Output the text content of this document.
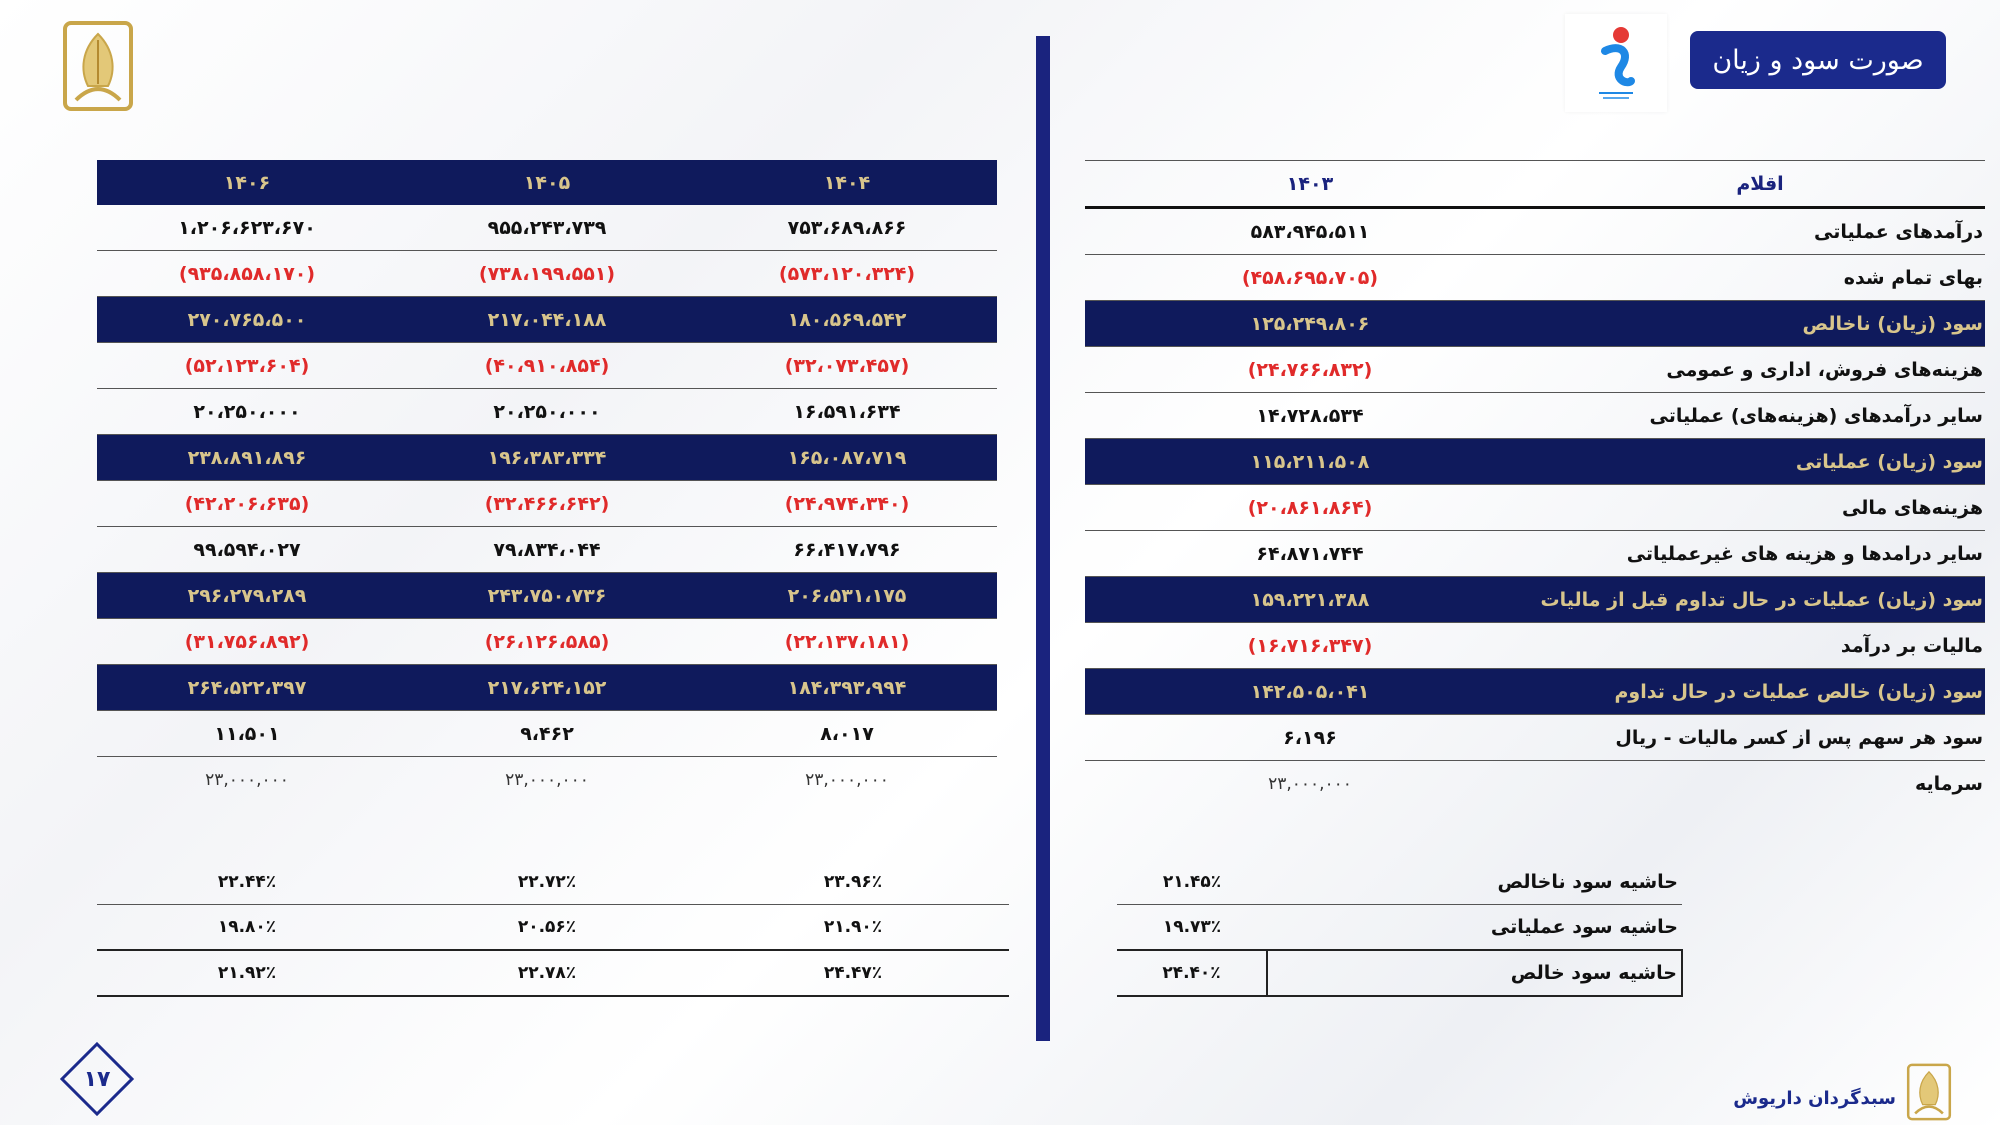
صورت سود و زیان
۱۴۰۶	۱۴۰۵	۱۴۰۴
۱،۲۰۶،۶۲۳،۶۷۰	۹۵۵،۲۴۳،۷۳۹	۷۵۳،۶۸۹،۸۶۶
(۹۳۵،۸۵۸،۱۷۰)	(۷۳۸،۱۹۹،۵۵۱)	(۵۷۳،۱۲۰،۳۲۴)
۲۷۰،۷۶۵،۵۰۰	۲۱۷،۰۴۴،۱۸۸	۱۸۰،۵۶۹،۵۴۲
(۵۲،۱۲۳،۶۰۴)	(۴۰،۹۱۰،۸۵۴)	(۳۲،۰۷۳،۴۵۷)
۲۰،۲۵۰،۰۰۰	۲۰،۲۵۰،۰۰۰	۱۶،۵۹۱،۶۳۴
۲۳۸،۸۹۱،۸۹۶	۱۹۶،۳۸۳،۳۳۴	۱۶۵،۰۸۷،۷۱۹
(۴۲،۲۰۶،۶۳۵)	(۳۲،۴۶۶،۶۴۲)	(۲۴،۹۷۴،۳۴۰)
۹۹،۵۹۴،۰۲۷	۷۹،۸۳۴،۰۴۴	۶۶،۴۱۷،۷۹۶
۲۹۶،۲۷۹،۲۸۹	۲۴۳،۷۵۰،۷۳۶	۲۰۶،۵۳۱،۱۷۵
(۳۱،۷۵۶،۸۹۲)	(۲۶،۱۲۶،۵۸۵)	(۲۲،۱۳۷،۱۸۱)
۲۶۴،۵۲۲،۳۹۷	۲۱۷،۶۲۴،۱۵۲	۱۸۴،۳۹۳،۹۹۴
۱۱،۵۰۱	۹،۴۶۲	۸،۰۱۷
۲۳,۰۰۰,۰۰۰	۲۳,۰۰۰,۰۰۰	۲۳,۰۰۰,۰۰۰
۱۴۰۳	اقلام
۵۸۳،۹۴۵،۵۱۱	درآمدهای عملیاتی
(۴۵۸،۶۹۵،۷۰۵)	بهای تمام شده
۱۲۵،۲۴۹،۸۰۶	سود (زیان) ناخالص
(۲۴،۷۶۶،۸۳۲)	هزینه‌های فروش، اداری و عمومی
۱۴،۷۲۸،۵۳۴	سایر درآمدهای (هزینه‌های) عملیاتی
۱۱۵،۲۱۱،۵۰۸	سود (زیان) عملیاتی
(۲۰،۸۶۱،۸۶۴)	هزینه‌های مالی
۶۴،۸۷۱،۷۴۴	سایر درامدها و هزینه های غیرعملیاتی
۱۵۹،۲۲۱،۳۸۸	سود (زیان) عملیات در حال تداوم قبل از مالیات
(۱۶،۷۱۶،۳۴۷)	مالیات بر درآمد
۱۴۲،۵۰۵،۰۴۱	سود (زیان) خالص عملیات در حال تداوم
۶،۱۹۶	سود هر سهم پس از کسر مالیات - ریال
۲۳,۰۰۰,۰۰۰	سرمایه
۲۲.۴۴٪	۲۲.۷۲٪	۲۳.۹۶٪
۱۹.۸۰٪	۲۰.۵۶٪	۲۱.۹۰٪
۲۱.۹۲٪	۲۲.۷۸٪	۲۴.۴۷٪
۲۱.۴۵٪	حاشیه سود ناخالص
۱۹.۷۳٪	حاشیه سود عملیاتی
۲۴.۴۰٪	حاشیه سود خالص
۱۷
سبدگردان داریوش
